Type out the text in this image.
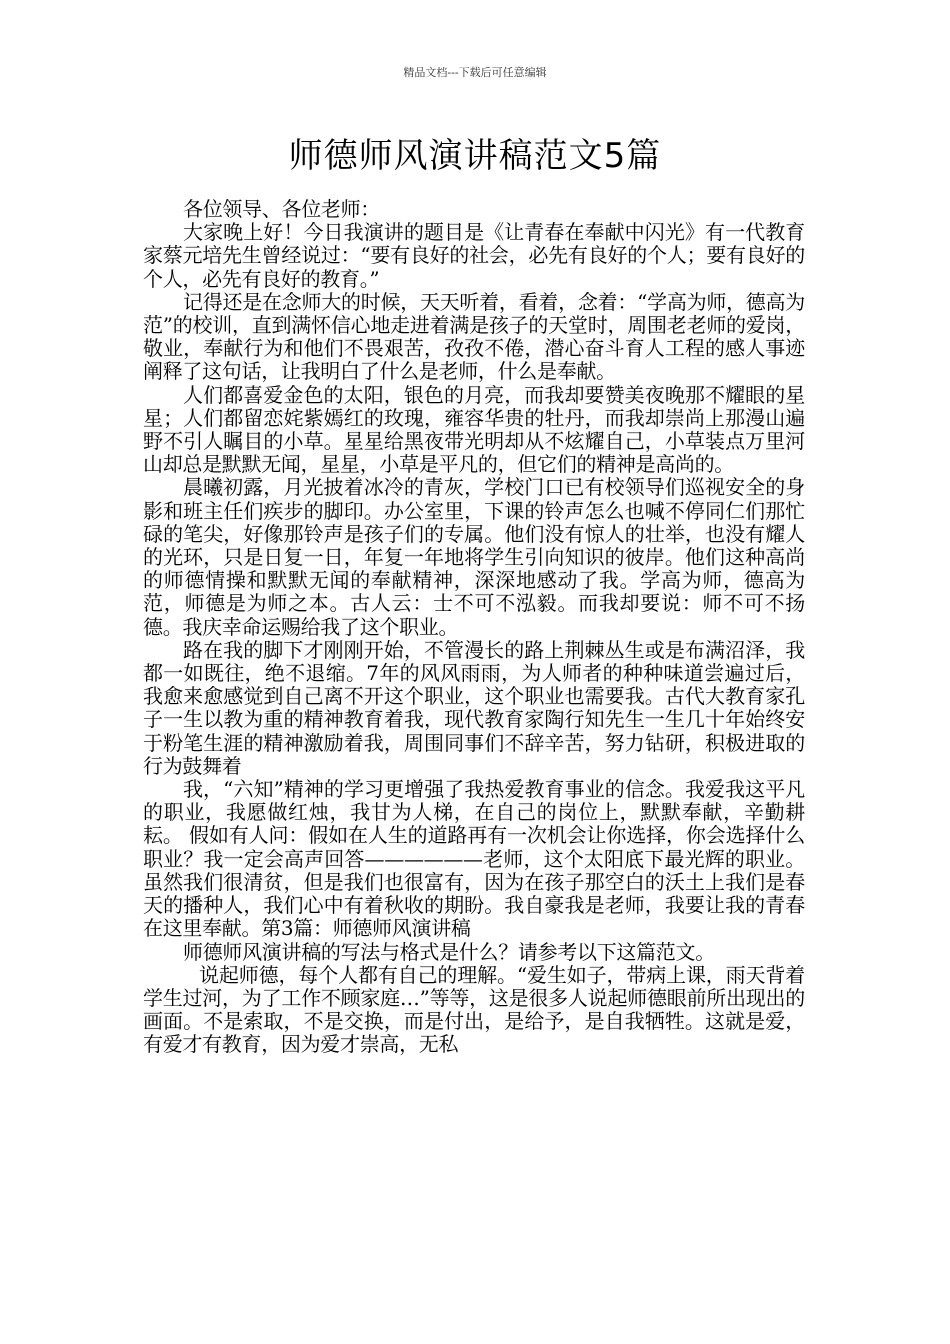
精品文档---下载后可任意编辑
师德师风演讲稿范文5篇

各位领导、各位老师：

大家晚上好！今日我演讲的题目是《让青春在奉献中闪光》有一代教育家蔡元培先生曾经说过：“要有良好的社会，必先有良好的个人；要有良好的个人，必先有良好的教育。”

记得还是在念师大的时候，天天听着，看着，念着：“学高为师，德高为范”的校训，直到满怀信心地走进着满是孩子的天堂时，周围老老师的爱岗，敬业，奉献行为和他们不畏艰苦，孜孜不倦，潜心奋斗育人工程的感人事迹阐释了这句话，让我明白了什么是老师，什么是奉献。

人们都喜爱金色的太阳，银色的月亮，而我却要赞美夜晚那不耀眼的星星；人们都留恋姹紫嫣红的玫瑰，雍容华贵的牡丹，而我却崇尚上那漫山遍野不引人瞩目的小草。星星给黑夜带光明却从不炫耀自己，小草装点万里河山却总是默默无闻，星星，小草是平凡的，但它们的精神是高尚的。

晨曦初露，月光披着冰冷的青灰，学校门口已有校领导们巡视安全的身影和班主任们疾步的脚印。办公室里，下课的铃声怎么也喊不停同仁们那忙碌的笔尖，好像那铃声是孩子们的专属。他们没有惊人的壮举，也没有耀人的光环，只是日复一日，年复一年地将学生引向知识的彼岸。他们这种高尚的师德情操和默默无闻的奉献精神，深深地感动了我。学高为师，德高为范，师德是为师之本。古人云：士不可不泓毅。而我却要说：师不可不扬德。我庆幸命运赐给我了这个职业。

路在我的脚下才刚刚开始，不管漫长的路上荆棘丛生或是布满沼泽，我都一如既往，绝不退缩。7年的风风雨雨，为人师者的种种味道尝遍过后，我愈来愈感觉到自己离不开这个职业，这个职业也需要我。古代大教育家孔子一生以教为重的精神教育着我，现代教育家陶行知先生一生几十年始终安于粉笔生涯的精神激励着我，周围同事们不辞辛苦，努力钻研，积极进取的行为鼓舞着

我，“六知”精神的学习更增强了我热爱教育事业的信念。我爱我这平凡的职业，我愿做红烛，我甘为人梯，在自己的岗位上，默默奉献，辛勤耕耘。 假如有人问：假如在人生的道路再有一次机会让你选择，你会选择什么职业？我一定会高声回答——————老师，这个太阳底下最光辉的职业。虽然我们很清贫，但是我们也很富有，因为在孩子那空白的沃土上我们是春天的播种人，我们心中有着秋收的期盼。我自豪我是老师，我要让我的青春在这里奉献。第3篇：师德师风演讲稿

师德师风演讲稿的写法与格式是什么？请参考以下这篇范文。

说起师德，每个人都有自己的理解。“爱生如子，带病上课，雨天背着学生过河，为了工作不顾家庭…”等等，这是很多人说起师德眼前所出现出的画面。不是索取，不是交换，而是付出，是给予，是自我牺牲。这就是爱，有爱才有教育，因为爱才崇高，无私
